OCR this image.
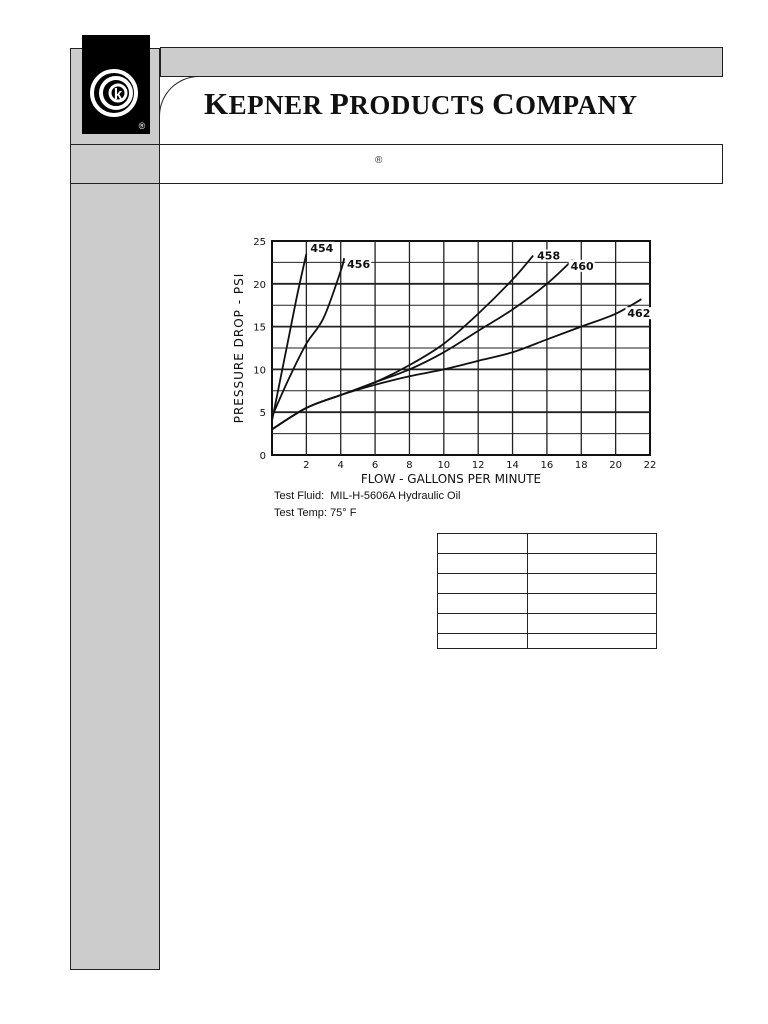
k
®
KEPNER PRODUCTS COMPANY
®
454
456
458
460
462
2	4	6	8 10 12 14 16 18 20 22
0
5
10
15
20
25
PRESSURE DROP - PSI
FLOW - GALLONS PER MINUTE
Test Fluid: MIL-H-5606A Hydraulic Oil
Test Temp: 75° F
